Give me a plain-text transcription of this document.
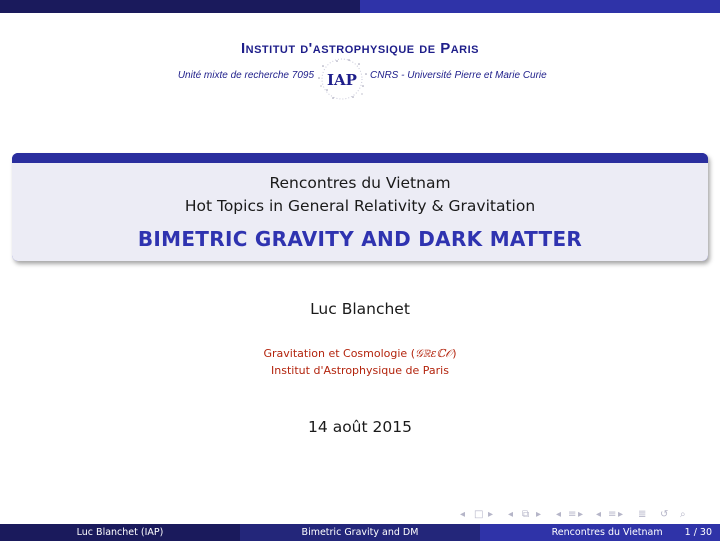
Institut d'astrophysique de Paris
Unité mixte de recherche 7095	CNRS - Université Pierre et Marie Curie
IAP
Rencontres du Vietnam
Hot Topics in General Relativity & Gravitation
BIMETRIC GRAVITY AND DARK MATTER
Luc Blanchet
Gravitation et Cosmologie (𝒢ℝεℂ𝒪)
Institut d'Astrophysique de Paris
14 août 2015
◂ □ ▸	◂ ⧉ ▸	◂ ≡ ▸	◂ ≡ ▸	≣	↺	⌕
Luc Blanchet (IAP)	Bimetric Gravity and DM	Rencontres du Vietnam 1 / 30
